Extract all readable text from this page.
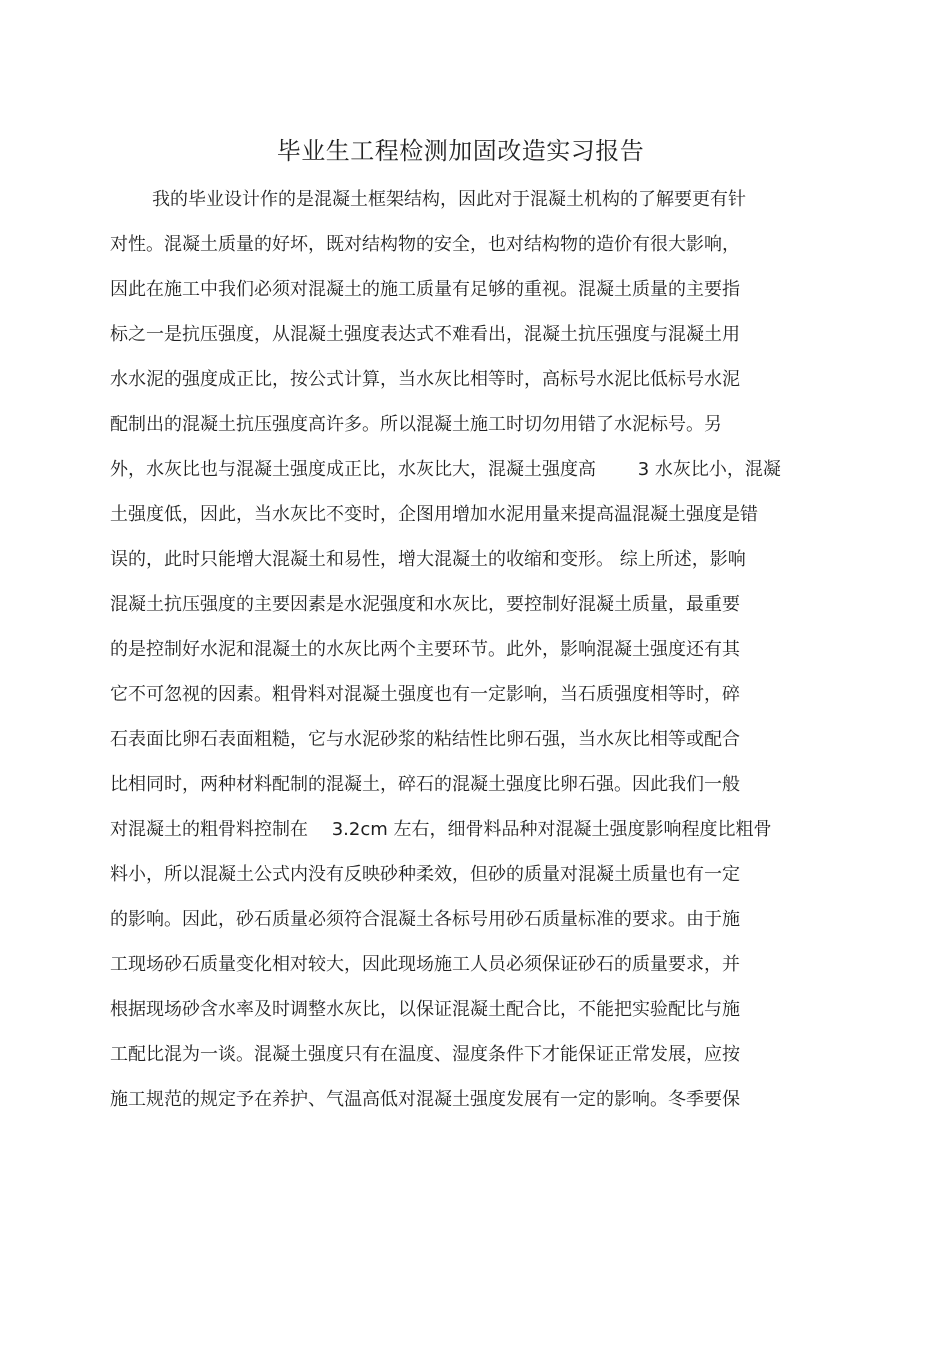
毕业生工程检测加固改造实习报告
我的毕业设计作的是混凝土框架结构，因此对于混凝土机构的了解要更有针
对性。混凝土质量的好坏，既对结构物的安全，也对结构物的造价有很大影响，
因此在施工中我们必须对混凝土的施工质量有足够的重视。混凝土质量的主要指
标之一是抗压强度，从混凝土强度表达式不难看出，混凝土抗压强度与混凝土用
水水泥的强度成正比，按公式计算，当水灰比相等时，高标号水泥比低标号水泥
配制出的混凝土抗压强度高许多。所以混凝土施工时切勿用错了水泥标号。另
外，水灰比也与混凝土强度成正比，水灰比大，混凝土强度高　　 3 水灰比小，混凝
土强度低，因此，当水灰比不变时，企图用增加水泥用量来提高温混凝土强度是错
误的，此时只能增大混凝土和易性，增大混凝土的收缩和变形。 综上所述，影响
混凝土抗压强度的主要因素是水泥强度和水灰比，要控制好混凝土质量，最重要
的是控制好水泥和混凝土的水灰比两个主要环节。此外，影响混凝土强度还有其
它不可忽视的因素。粗骨料对混凝土强度也有一定影响，当石质强度相等时，碎
石表面比卵石表面粗糙，它与水泥砂浆的粘结性比卵石强，当水灰比相等或配合
比相同时，两种材料配制的混凝土，碎石的混凝土强度比卵石强。因此我们一般
对混凝土的粗骨料控制在　 3.2cm 左右，细骨料品种对混凝土强度影响程度比粗骨
料小，所以混凝土公式内没有反映砂种柔效，但砂的质量对混凝土质量也有一定
的影响。因此，砂石质量必须符合混凝土各标号用砂石质量标准的要求。由于施
工现场砂石质量变化相对较大，因此现场施工人员必须保证砂石的质量要求，并
根据现场砂含水率及时调整水灰比，以保证混凝土配合比，不能把实验配比与施
工配比混为一谈。混凝土强度只有在温度、湿度条件下才能保证正常发展，应按
施工规范的规定予在养护、气温高低对混凝土强度发展有一定的影响。冬季要保
